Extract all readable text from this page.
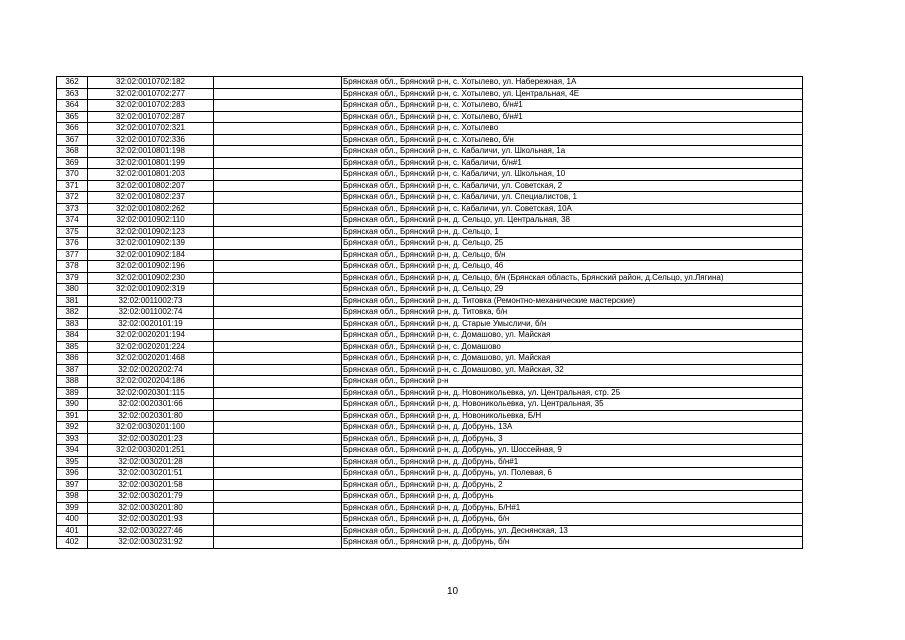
362	32:02:0010702:182		Брянская обл., Брянский р-н, с. Хотылево, ул. Набережная, 1А
363	32:02:0010702:277		Брянская обл., Брянский р-н, с. Хотылево, ул. Центральная, 4Е
364	32:02:0010702:283		Брянская обл., Брянский р-н, с. Хотылево, б/н#1
365	32:02:0010702:287		Брянская обл., Брянский р-н, с. Хотылево, б/н#1
366	32:02:0010702:321		Брянская обл., Брянский р-н, с. Хотылево
367	32:02:0010702:336		Брянская обл., Брянский р-н, с. Хотылево, б/н
368	32:02:0010801:198		Брянская обл., Брянский р-н, с. Кабаличи, ул. Школьная, 1а
369	32:02:0010801:199		Брянская обл., Брянский р-н, с. Кабаличи, б/н#1
370	32:02:0010801:203		Брянская обл., Брянский р-н, с. Кабаличи, ул. Школьная, 10
371	32:02:0010802:207		Брянская обл., Брянский р-н, с. Кабаличи, ул. Советская, 2
372	32:02:0010802:237		Брянская обл., Брянский р-н, с. Кабаличи, ул. Специалистов, 1
373	32:02:0010802:262		Брянская обл., Брянский р-н, с. Кабаличи, ул. Советская, 10А
374	32:02:0010902:110		Брянская обл., Брянский р-н, д. Сельцо, ул. Центральная, 38
375	32:02:0010902:123		Брянская обл., Брянский р-н, д. Сельцо, 1
376	32:02:0010902:139		Брянская обл., Брянский р-н, д. Сельцо, 25
377	32:02:0010902:184		Брянская обл., Брянский р-н, д. Сельцо, б/н
378	32:02:0010902:196		Брянская обл., Брянский р-н, д. Сельцо, 46
379	32:02:0010902:230		Брянская обл., Брянский р-н, д. Сельцо, б/н (Брянская область, Брянский район, д.Сельцо, ул.Лягина)
380	32:02:0010902:319		Брянская обл., Брянский р-н, д. Сельцо, 29
381	32:02:0011002:73		Брянская обл., Брянский р-н, д. Титовка (Ремонтно-механические мастерские)
382	32:02:0011002:74		Брянская обл., Брянский р-н, д. Титовка, б/н
383	32:02:0020101:19		Брянская обл., Брянский р-н, д. Старые Умысличи, б/н
384	32:02:0020201:194		Брянская обл., Брянский р-н, с. Домашово, ул. Майская
385	32:02:0020201:224		Брянская обл., Брянский р-н, с. Домашово
386	32:02:0020201:468		Брянская обл., Брянский р-н, с. Домашово, ул. Майская
387	32:02:0020202:74		Брянская обл., Брянский р-н, с. Домашово, ул. Майская, 32
388	32:02:0020204:186		Брянская обл., Брянский р-н
389	32:02:0020301:115		Брянская обл., Брянский р-н, д. Новоникольевка, ул. Центральная, стр. 25
390	32:02:0020301:66		Брянская обл., Брянский р-н, д. Новоникольевка, ул. Центральная, 35
391	32:02:0020301:80		Брянская обл., Брянский р-н, д. Новоникольевка, Б/Н
392	32:02:0030201:100		Брянская обл., Брянский р-н, д. Добрунь, 13А
393	32:02:0030201:23		Брянская обл., Брянский р-н, д. Добрунь, 3
394	32:02:0030201:251		Брянская обл., Брянский р-н, д. Добрунь, ул. Шоссейная, 9
395	32:02:0030201:28		Брянская обл., Брянский р-н, д. Добрунь, б/н#1
396	32:02:0030201:51		Брянская обл., Брянский р-н, д. Добрунь, ул. Полевая, 6
397	32:02:0030201:58		Брянская обл., Брянский р-н, д. Добрунь, 2
398	32:02:0030201:79		Брянская обл., Брянский р-н, д. Добрунь
399	32:02:0030201:80		Брянская обл., Брянский р-н, д. Добрунь, Б/Н#1
400	32:02:0030201:93		Брянская обл., Брянский р-н, д. Добрунь, б/н
401	32:02:0030227:46		Брянская обл., Брянский р-н, д. Добрунь, ул. Деснянская, 13
402	32:02:0030231:92		Брянская обл., Брянский р-н, д. Добрунь, б/н
10
